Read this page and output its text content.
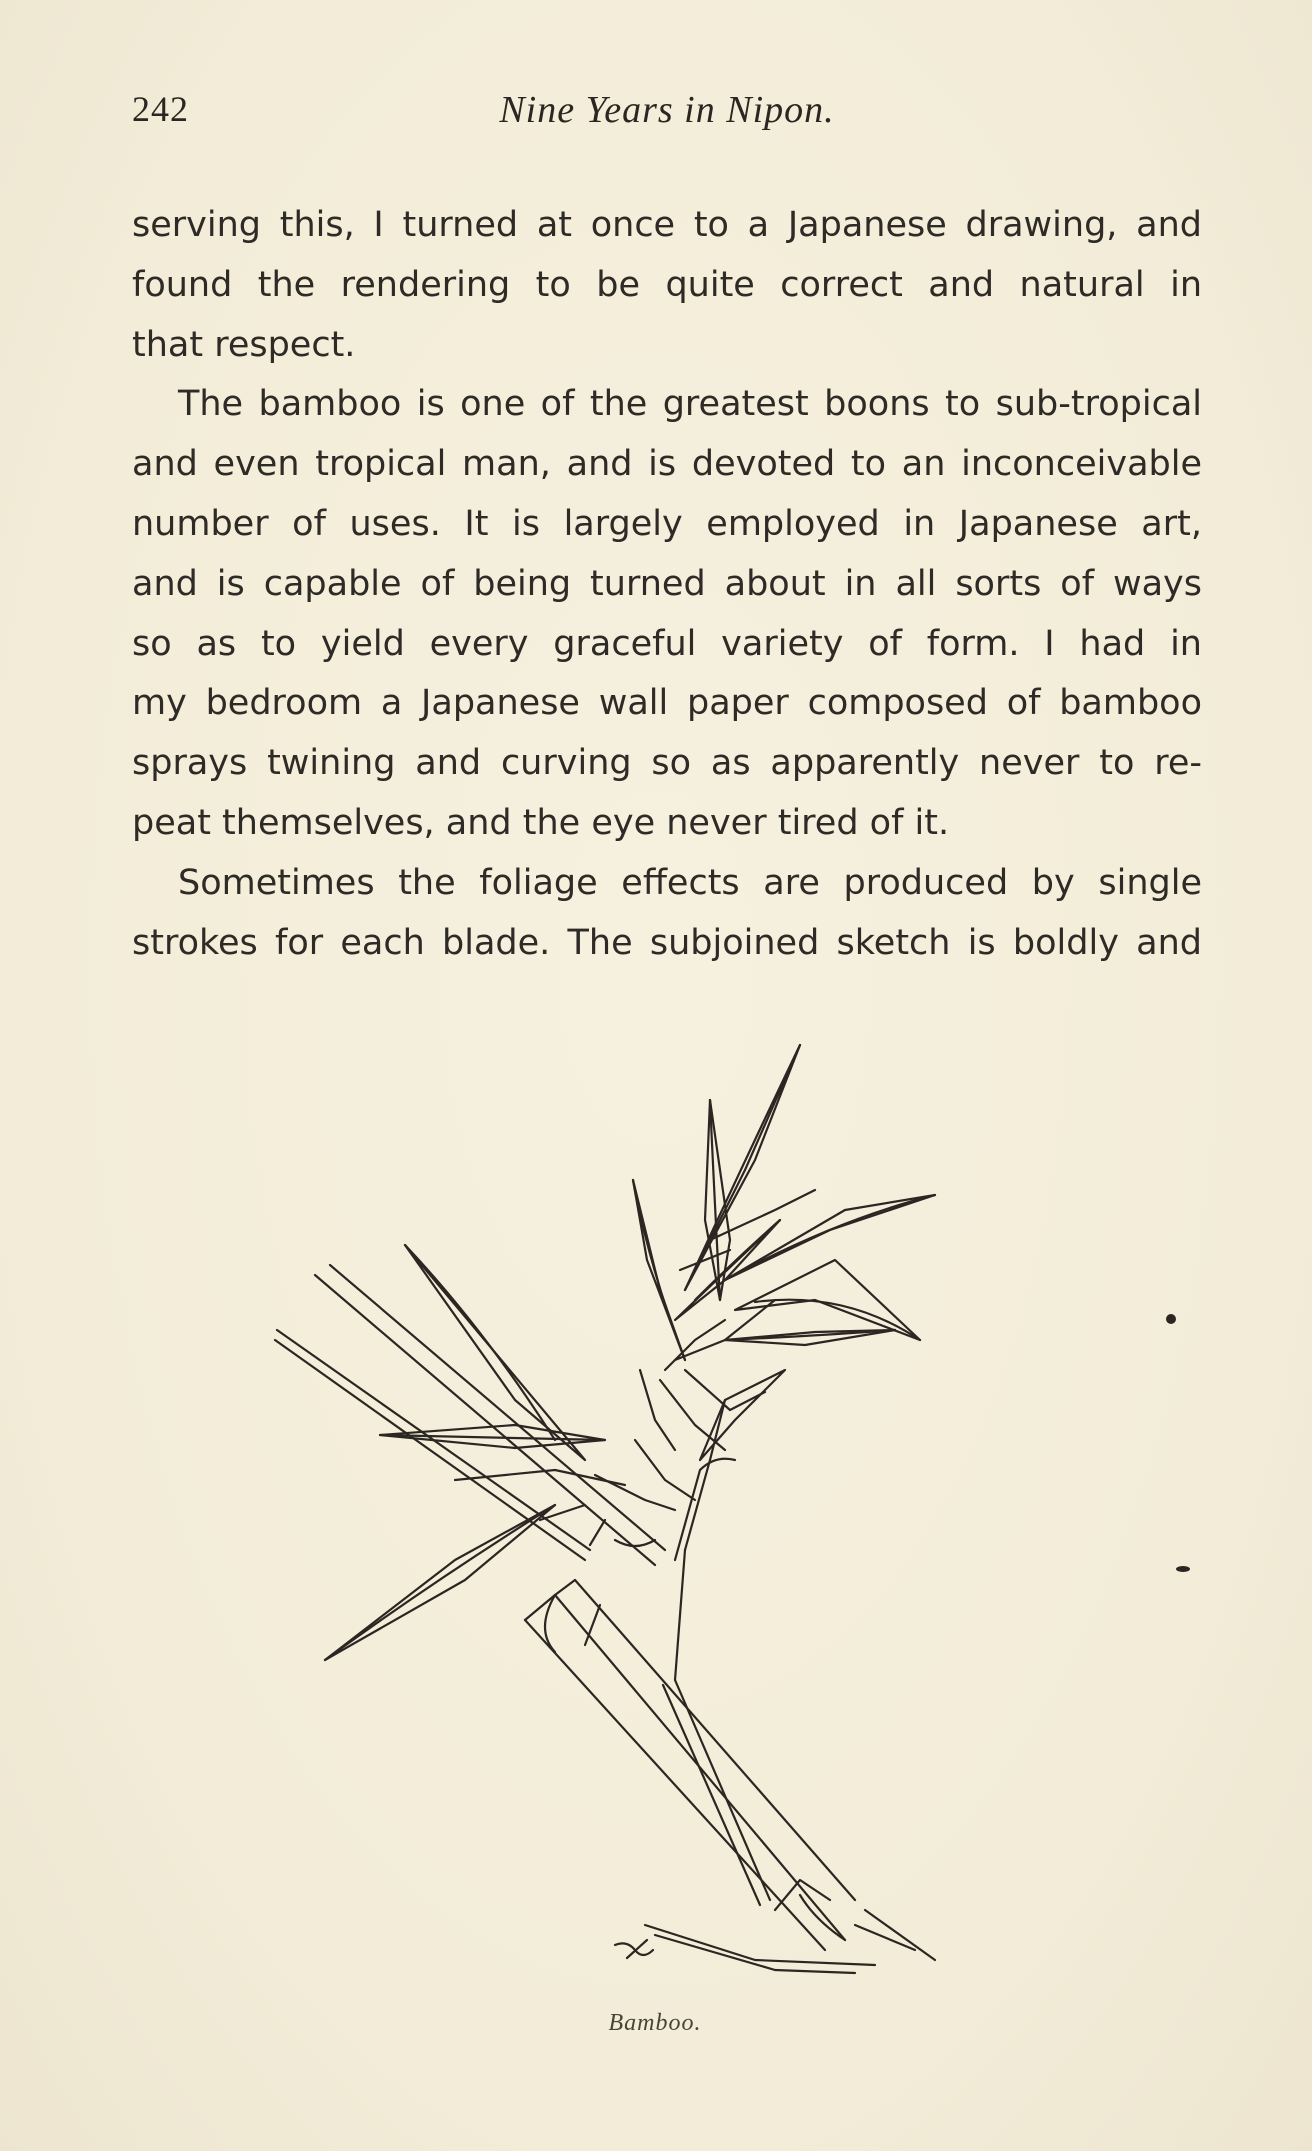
242	Nine Years in Nipon.
serving this, I turned at once to a Japanese drawing, and
found the rendering to be quite correct and natural in
that respect.
The bamboo is one of the greatest boons to sub-tropical
and even tropical man, and is devoted to an inconceivable
number of uses. It is largely employed in Japanese art,
and is capable of being turned about in all sorts of ways
so as to yield every graceful variety of form. I had in
my bedroom a Japanese wall paper composed of bamboo
sprays twining and curving so as apparently never to re-
peat themselves, and the eye never tired of it.
Sometimes the foliage effects are produced by single
strokes for each blade. The subjoined sketch is boldly and
Bamboo.
